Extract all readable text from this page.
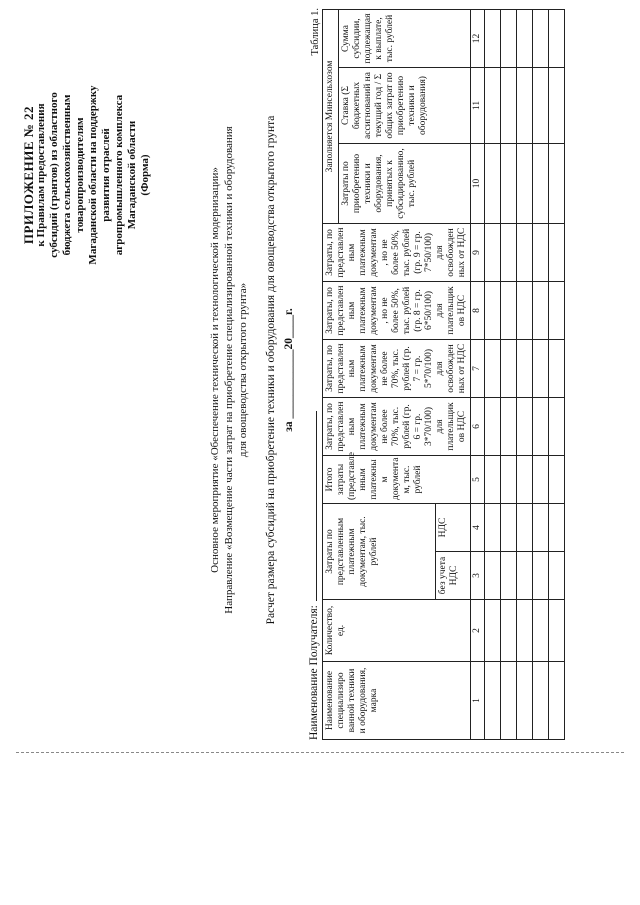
ПРИЛОЖЕНИЕ № 22 к Правилам предоставления субсидий (грантов) из областного бюджета сельскохозяйственным товаропроизводителям Магаданской области на поддержку развития отраслей агропромышленного комплекса Магаданской области (Форма)	Основное мероприятие «Обеспечение технической и технологической модернизации» Направление «Возмещение части затрат на приобретение специализированной техники и оборудования для овощеводства открытого грунта» Расчет размера субсидий на приобретение техники и оборудования для овощеводства открытого грунта за ____________20____г.
Наименование Получателя:
Таблица 1.
Наименование специализиро ванной техники и оборудования, марка	Количество, ед.	Затраты по представленным платежным документам, тыс. рублей		Итого затраты (представле нным платежны м документа м, тыс. рублей	Затраты, по представлен ным платежным документам не более 70%, тыс. рублей (гр. 6 = гр. 3*70/100) для плательщик ов НДС	Затраты, по представлен ным платежным документам не более 70%, тыс. рублей (гр. 7 = гр. 5*70/100) для освобожден ных от НДС	Затраты, по представлен ным платежным документам , но не более 50%, тыс. рублей (гр. 8 = гр. 6*50/100) для плательщик ов НДС	Затраты, по представлен ным платежным документам , но не более 50%, тыс. рублей (гр. 9 = гр. 7*50/100) для освобожден ных от НДС	Заполняется Минсельхозом		
									Затраты по приобретению техники и оборудования, принятых к субсидированию, тыс. рублей	Ставка (Σ бюджетных ассигнований на текущий год / Σ общих затрат по приобретению техники и оборудования)	Сумма субсидии, подлежащая к выплате, тыс. рублей
		без учета НДС	НДС								
1	2	3	4	5	6	7	8	9	10	11	12
